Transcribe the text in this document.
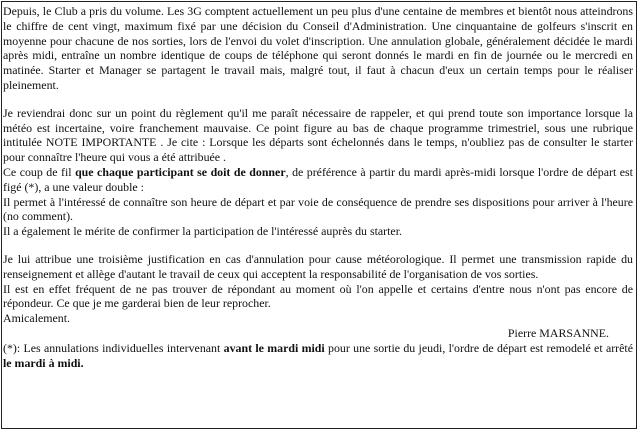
Depuis, le Club a pris du volume. Les 3G comptent actuellement un peu plus d'une centaine de membres et bientôt nous atteindrons le chiffre de cent vingt, maximum fixé par une décision du Conseil d'Administration. Une cinquantaine de golfeurs s'inscrit en moyenne pour chacune de nos sorties, lors de l'envoi du volet d'inscription. Une annulation globale, généralement décidée le mardi après midi, entraîne un nombre identique de coups de téléphone qui seront donnés le mardi en fin de journée ou le mercredi en matinée. Starter et Manager se partagent le travail mais, malgré tout, il faut à chacun d'eux un certain temps pour le réaliser pleinement.

Je reviendrai donc sur un point du règlement qu'il me paraît nécessaire de rappeler, et qui prend toute son importance lorsque la météo est incertaine, voire franchement mauvaise. Ce point figure au bas de chaque programme trimestriel, sous une rubrique intitulée NOTE IMPORTANTE . Je cite : Lorsque les départs sont échelonnés dans le temps, n'oubliez pas de consulter le starter pour connaître l'heure qui vous a été attribuée .

Ce coup de fil que chaque participant se doit de donner, de préférence à partir du mardi après-midi lorsque l'ordre de départ est figé (*), a une valeur double :

Il permet à l'intéressé de connaître son heure de départ et par voie de conséquence de prendre ses dispositions pour arriver à l'heure (no comment).

Il a également le mérite de confirmer la participation de l'intéressé auprès du starter.

Je lui attribue une troisième justification en cas d'annulation pour cause météorologique. Il permet une transmission rapide du renseignement et allège d'autant le travail de ceux qui acceptent la responsabilité de l'organisation de vos sorties.

Il est en effet fréquent de ne pas trouver de répondant au moment où l'on appelle et certains d'entre nous n'ont pas encore de répondeur. Ce que je me garderai bien de leur reprocher.

Amicalement.

Pierre MARSANNE.

(*): Les annulations individuelles intervenant avant le mardi midi pour une sortie du jeudi, l'ordre de départ est remodelé et arrêté le mardi à midi.
